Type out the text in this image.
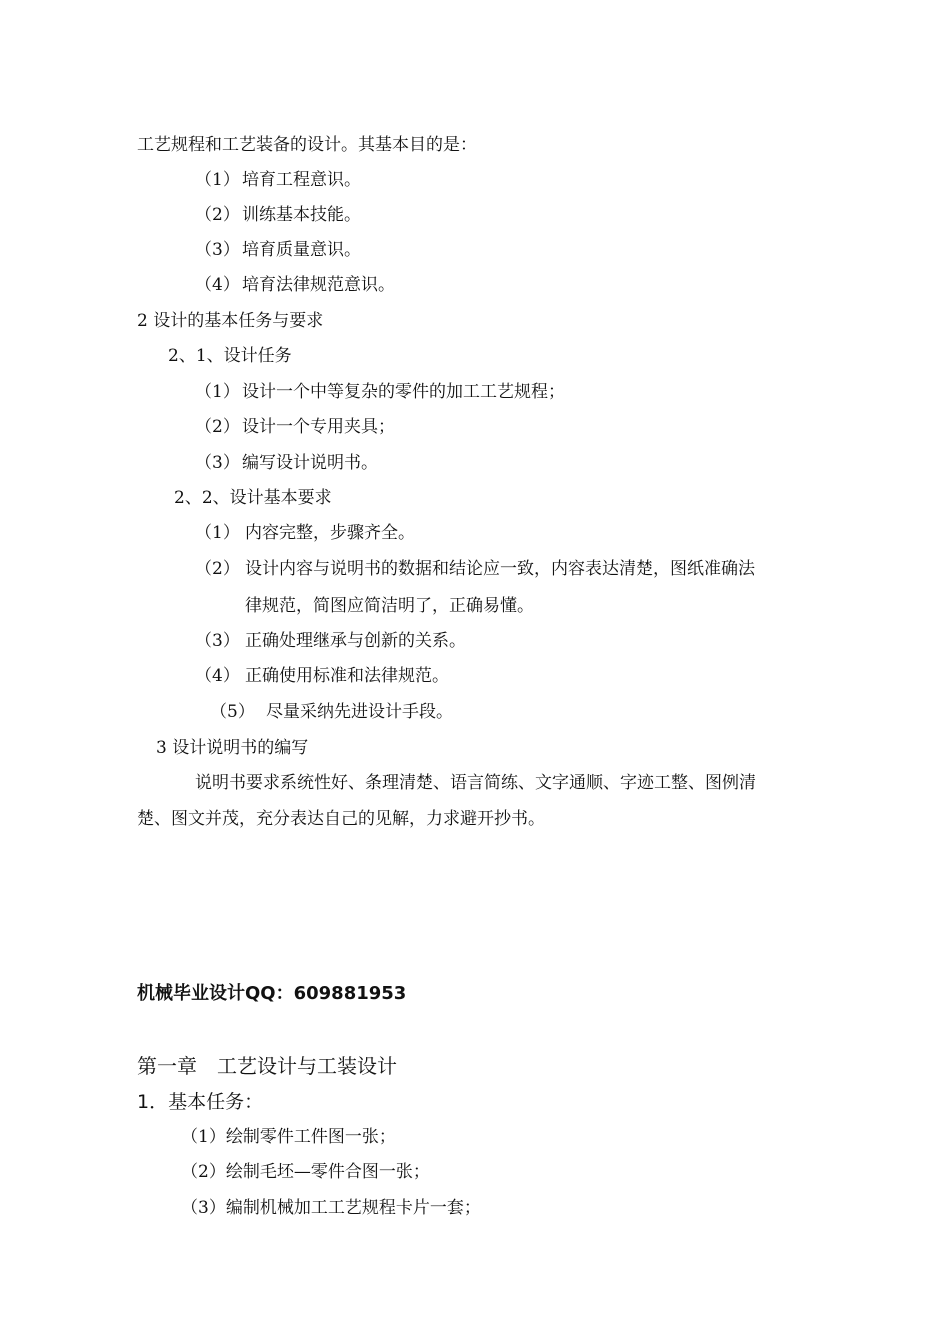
工艺规程和工艺装备的设计。其基本目的是：
（1） 培育工程意识。
（2） 训练基本技能。
（3） 培育质量意识。
（4） 培育法律规范意识。
2 设计的基本任务与要求
2、1、设计任务
（1） 设计一个中等复杂的零件的加工工艺规程；
（2） 设计一个专用夹具；
（3） 编写设计说明书。
2、2、设计基本要求
（1） 内容完整，步骤齐全。
（2） 设计内容与说明书的数据和结论应一致，内容表达清楚，图纸准确法
律规范，简图应简洁明了，正确易懂。
（3） 正确处理继承与创新的关系。
（4） 正确使用标准和法律规范。
（5） 尽量采纳先进设计手段。
3 设计说明书的编写
说明书要求系统性好、条理清楚、语言简练、文字通顺、字迹工整、图例清
楚、图文并茂，充分表达自己的见解，力求避开抄书。
机械毕业设计QQ：609881953
第一章　工艺设计与工装设计
1．基本任务：
（1）绘制零件工件图一张；
（2）绘制毛坯—零件合图一张；
（3）编制机械加工工艺规程卡片一套；
